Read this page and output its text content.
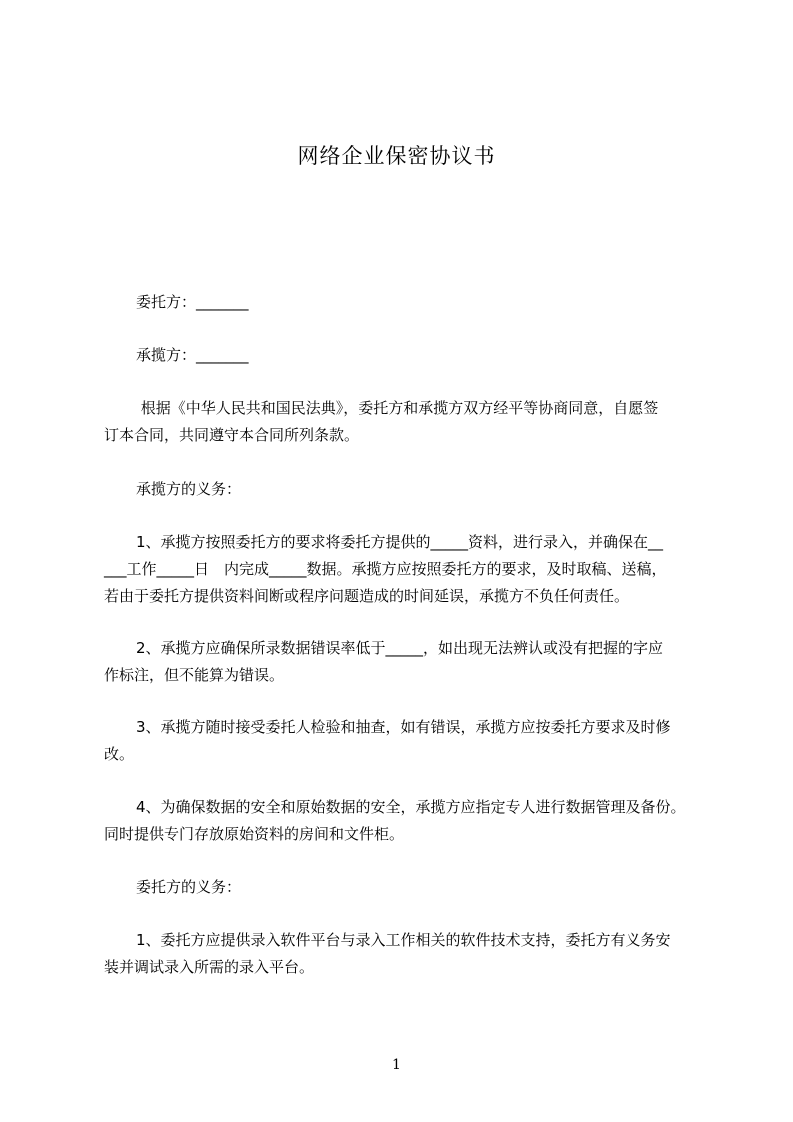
网络企业保密协议书
委托方：_______
承揽方：_______
根据《中华人民共和国民法典》，委托方和承揽方双方经平等协商同意，自愿签
订本合同，共同遵守本合同所列条款。
承揽方的义务：
1、承揽方按照委托方的要求将委托方提供的_____资料，进行录入，并确保在__
___工作_____日　内完成_____数据。承揽方应按照委托方的要求，及时取稿、送稿，
若由于委托方提供资料间断或程序问题造成的时间延误，承揽方不负任何责任。
2、承揽方应确保所录数据错误率低于_____，如出现无法辨认或没有把握的字应
作标注，但不能算为错误。
3、承揽方随时接受委托人检验和抽查，如有错误，承揽方应按委托方要求及时修
改。
4、为确保数据的安全和原始数据的安全，承揽方应指定专人进行数据管理及备份。
同时提供专门存放原始资料的房间和文件柜。
委托方的义务：
1、委托方应提供录入软件平台与录入工作相关的软件技术支持，委托方有义务安
装并调试录入所需的录入平台。
1
